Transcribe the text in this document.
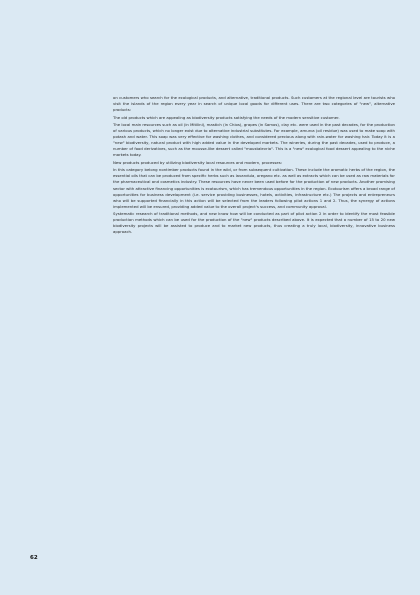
on customers who search for the ecological products, and alternative, traditional products. Such customers at the regional level are tourists who visit the islands of the region every year in search of unique local goods for different uses. There are two categories of "new", alternative products:

The old products which are appealing as biodiversity products satisfying the needs of the modern sensitive customer.

The local main resources such as oil (in Mitilini), mastich (in Chios), grapes (in Samos), clay etc. were used in the past decades, for the production of various products, which no longer exist due to alternative industrial substitutes. For example, amurca (oil residue) was used to make soap with potash and water. This soap was very effective for washing clothes, and considered precious along with rain-water for washing hair. Today it is a "new" biodiversity, natural product with high added value in the developed markets. The wineries, during the past decades, used to produce, a number of food derivatives, such as the mousse-like dessert called "moustalevria". This is a "new" ecological food dessert appealing to the niche markets today.

New products produced by utilizing biodiversity local resources and modern, processes:

In this category belong nontimber products found in the wild, or from subsequent cultivation. These include the aromatic herbs of the region, the essential oils that can be produced from specific herbs such as lavandula, oregano etc. as well as extracts which can be used as raw materials for the pharmaceutical and cosmetics industry. These resources have never been used before for the production of new products. Another promising sector with attractive financing opportunities is ecotourism, which has tremendous opportunities in the region. Ecotourism offers a broad range of opportunities for business development (i.e. service providing businesses, hotels, activities, infrastructure etc.) The projects and entrepreneurs who will be supported financially in this action will be selected from the leaders following pilot actions 1 and 2. Thus, the synergy of actions implemented will be ensured, providing added value to the overall project's success, and community approval.

Systematic research of traditional methods, and new know how will be conducted as part of pilot action 2 in order to identify the most feasible production methods which can be used for the production of the "new" products described above. It is expected that a number of 15 to 20 new biodiversity projects will be assisted to produce and to market new products, thus creating a truly local, biodiversity, innovative business approach.

62
